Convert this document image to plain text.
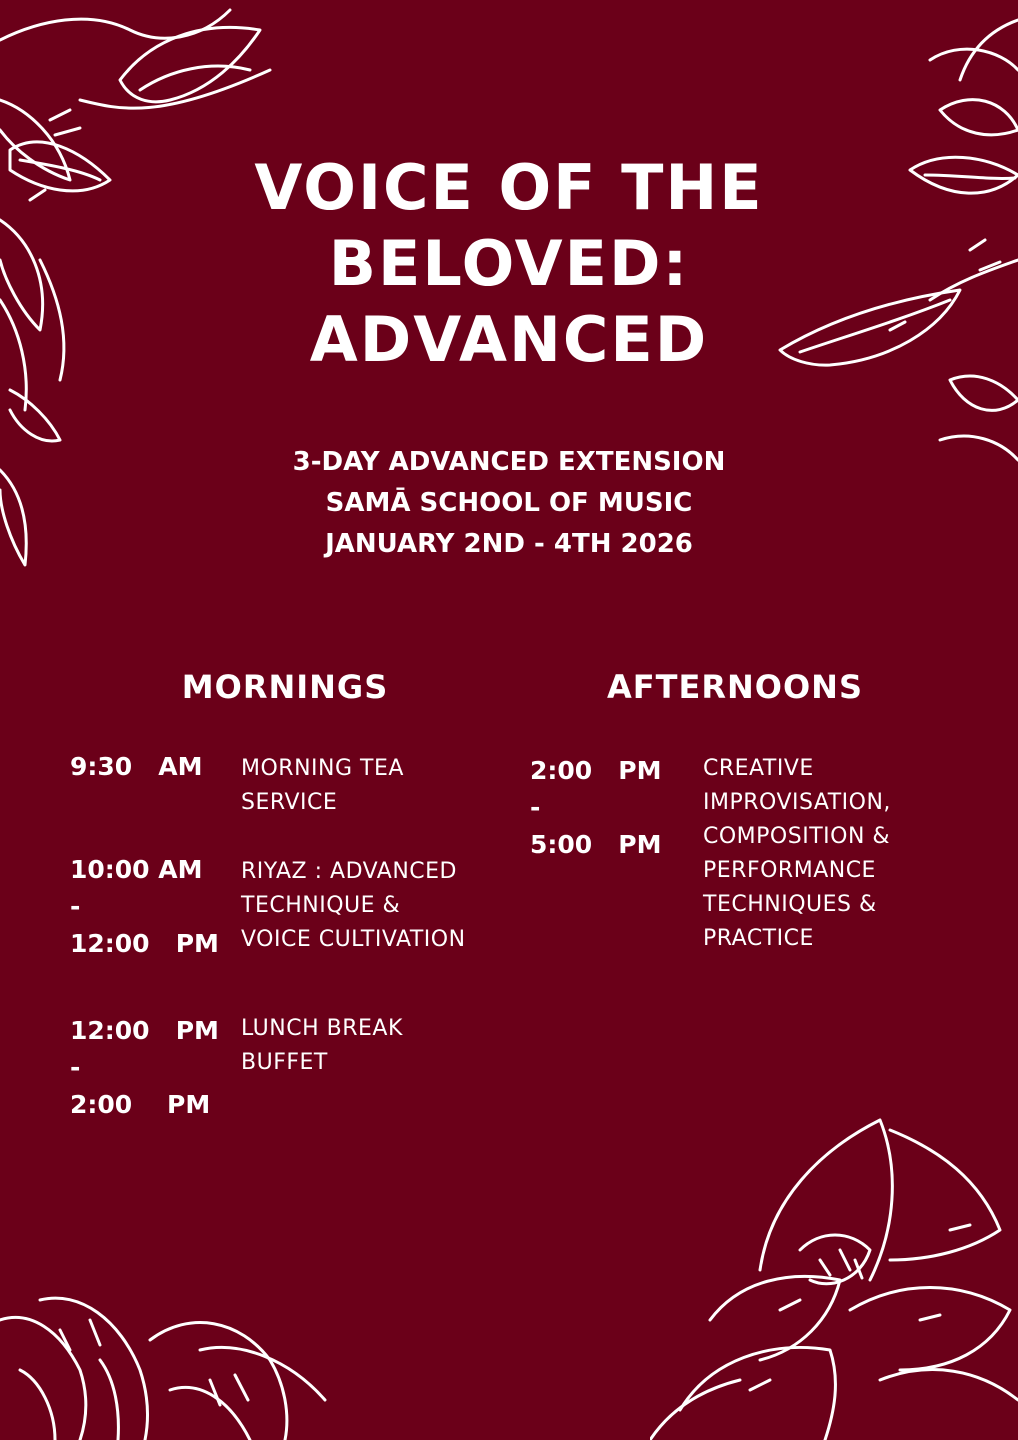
VOICE OF THE
BELOVED:
ADVANCED
3-DAY ADVANCED EXTENSION
SAMĀ SCHOOL OF MUSIC
JANUARY 2ND - 4TH 2026
MORNINGS	AFTERNOONS
9:30   AM MORNING TEA
SERVICE
10:00 AM
-
12:00   PM
RIYAZ : ADVANCED
TECHNIQUE &
VOICE CULTIVATION
12:00   PM
-
2:00    PM
LUNCH BREAK
BUFFET
2:00   PM
-
5:00   PM
CREATIVE
IMPROVISATION,
COMPOSITION &
PERFORMANCE
TECHNIQUES &
PRACTICE
